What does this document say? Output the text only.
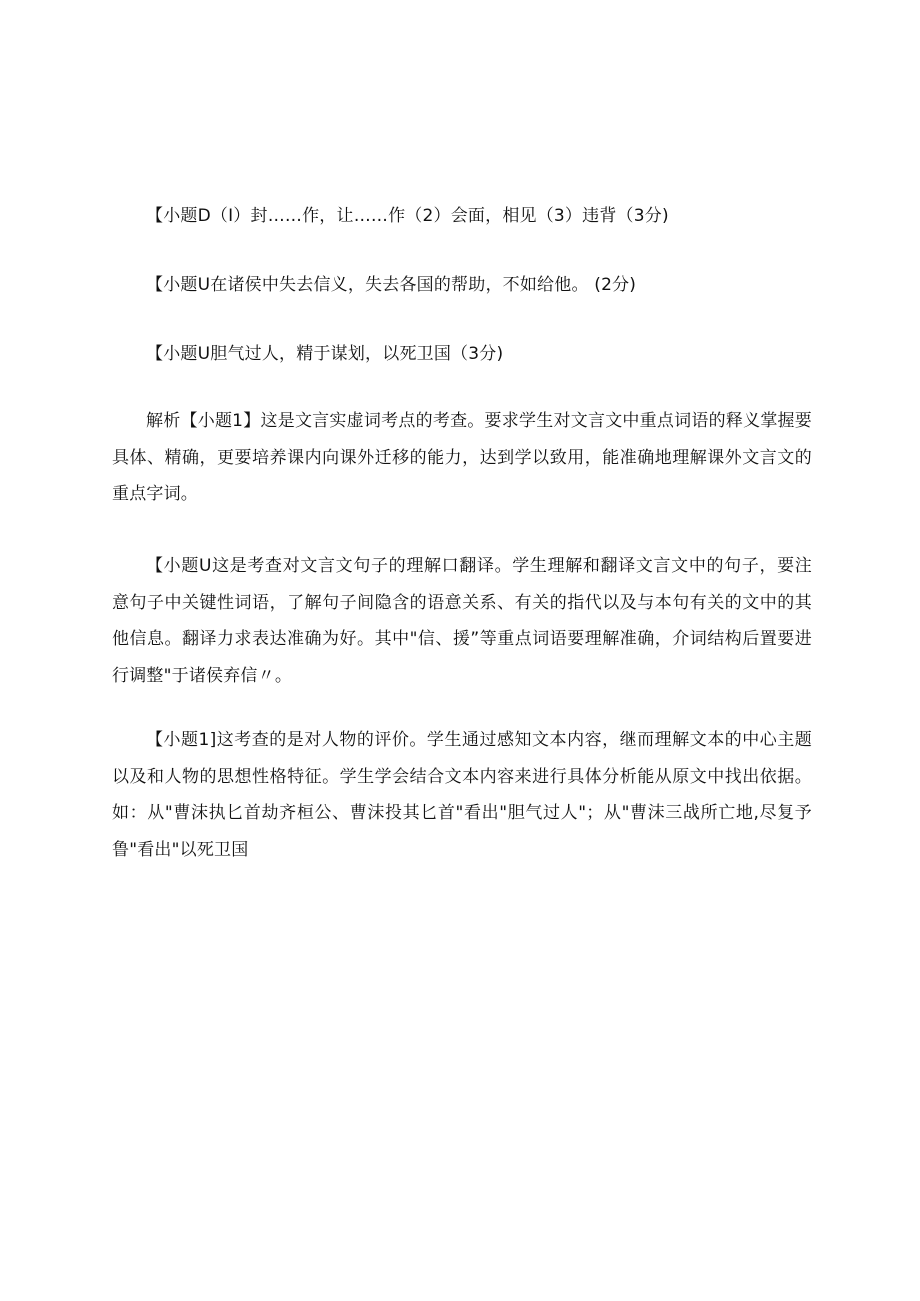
【小题D（I）封……作，让……作（2）会面，相见（3）违背（3分)
【小题U在诸侯中失去信义，失去各国的帮助，不如给他。 (2分)
【小题U胆气过人，精于谋划，以死卫国（3分)

解析【小题1】这是文言实虚词考点的考查。要求学生对文言文中重点词语的释义掌握要具体、精确，更要培养课内向课外迁移的能力，达到学以致用，能准确地理解课外文言文的重点字词。

【小题U这是考查对文言文句子的理解口翻译。学生理解和翻译文言文中的句子，要注意句子中关键性词语，了解句子间隐含的语意关系、有关的指代以及与本句有关的文中的其他信息。翻译力求表达准确为好。其中"信、援”等重点词语要理解准确，介词结构后置要进行调整"于诸侯弃信〃。

【小题1]这考查的是对人物的评价。学生通过感知文本内容，继而理解文本的中心主题以及和人物的思想性格特征。学生学会结合文本内容来进行具体分析能从原文中找出依据。如：从"曹沫执匕首劫齐桓公、曹沫投其匕首"看出"胆气过人"；从"曹沫三战所亡地,尽复予鲁"看出"以死卫国
